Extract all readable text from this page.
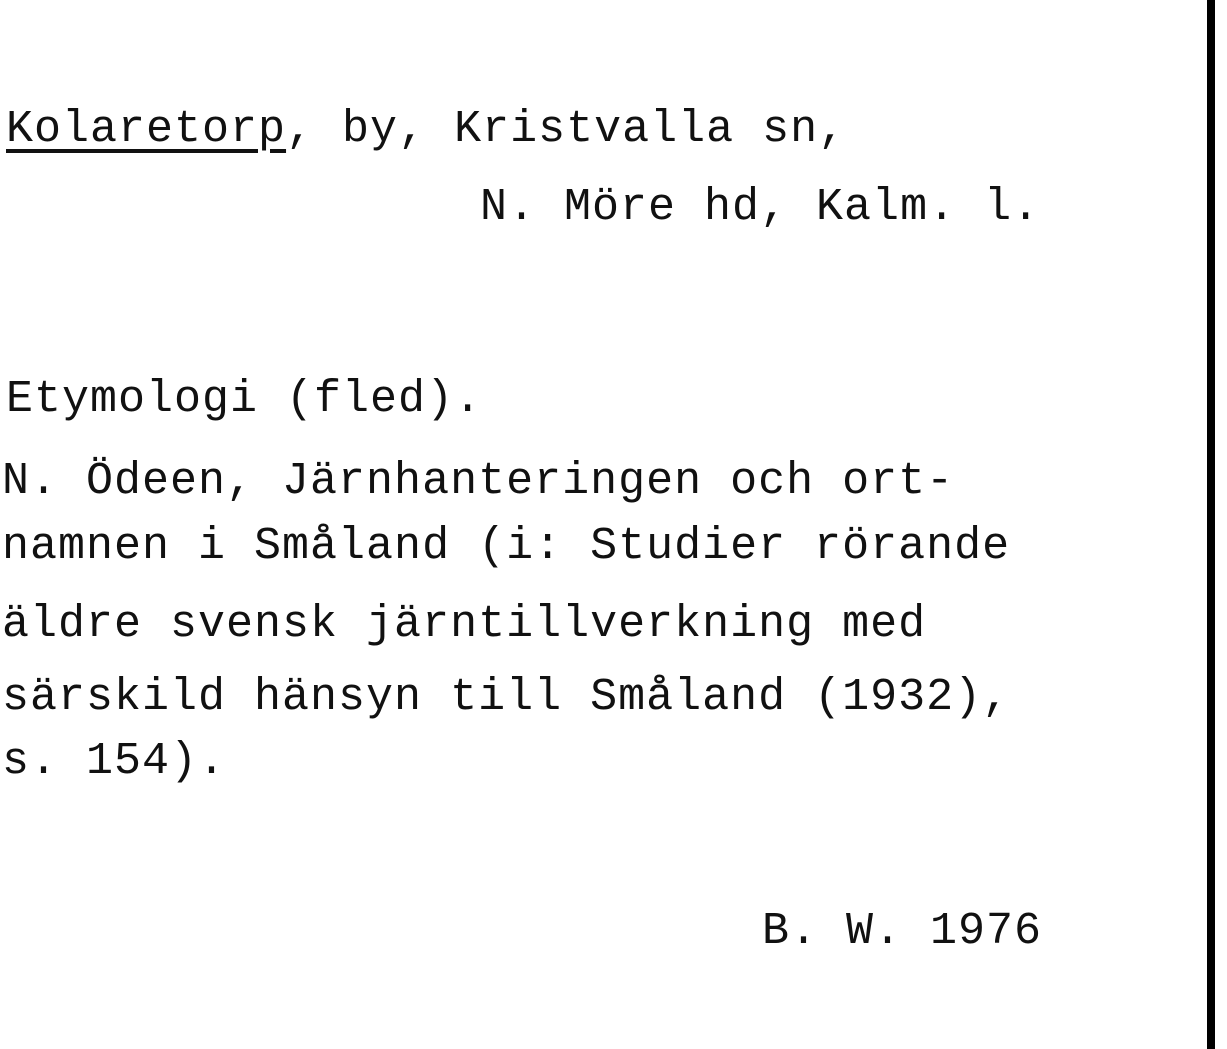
Kolaretorp, by, Kristvalla sn,
N. Möre hd, Kalm. l.
Etymologi (fled).
N. Ödeen, Järnhanteringen och ort-
namnen i Småland (i: Studier rörande
äldre svensk järntillverkning med
särskild hänsyn till Småland (1932),
s. 154).
B. W. 1976
